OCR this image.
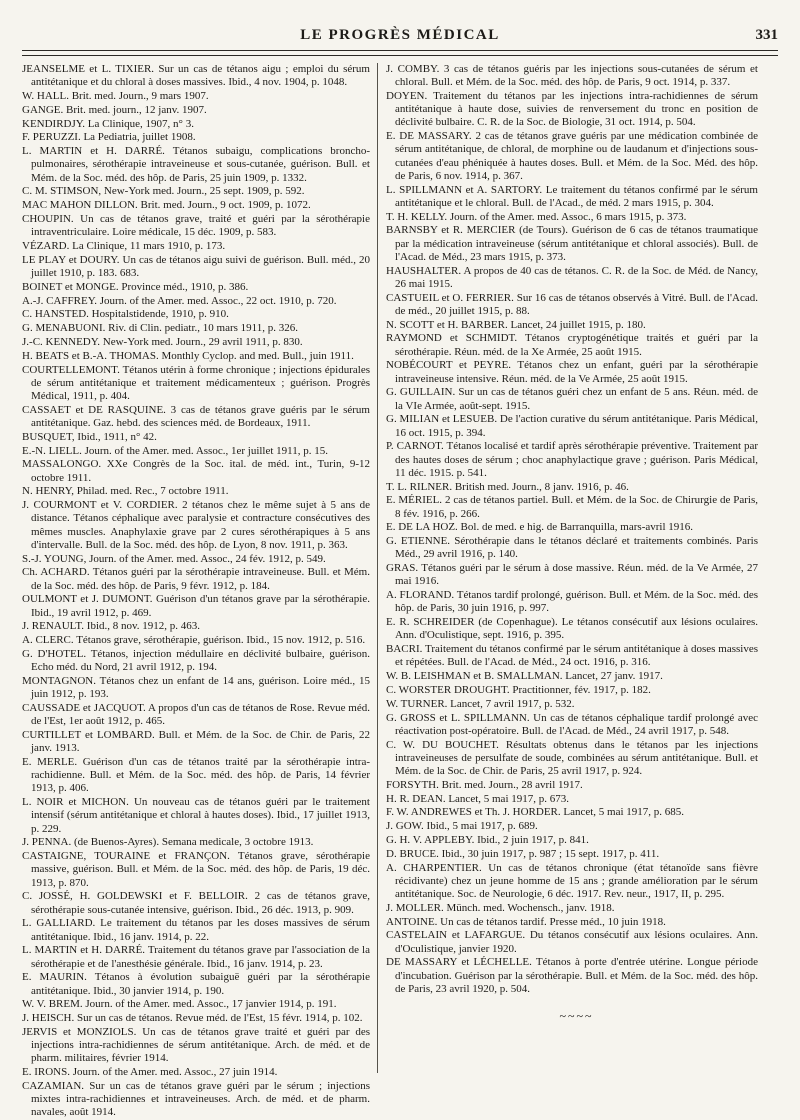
LE PROGRÈS MÉDICAL	331

JEANSELME et L. TIXIER. Sur un cas de tétanos aigu ; emploi du sérum antitétanique et du chloral à doses massives. Ibid., 4 nov. 1904, p. 1048.

W. HALL. Brit. med. Journ., 9 mars 1907.

GANGE. Brit. med. journ., 12 janv. 1907.

KENDIRDJY. La Clinique, 1907, n° 3.

F. PERUZZI. La Pediatria, juillet 1908.

L. MARTIN et H. DARRÉ. Tétanos subaigu, complications broncho-pulmonaires, sérothérapie intraveineuse et sous-cutanée, guérison. Bull. et Mém. de la Soc. méd. des hôp. de Paris, 25 juin 1909, p. 1332.

C. M. STIMSON, New-York med. Journ., 25 sept. 1909, p. 592.

MAC MAHON DILLON. Brit. med. Journ., 9 oct. 1909, p. 1072.

CHOUPIN. Un cas de tétanos grave, traité et guéri par la sérothérapie intraventriculaire. Loire médicale, 15 déc. 1909, p. 583.

VÉZARD. La Clinique, 11 mars 1910, p. 173.

LE PLAY et DOURY. Un cas de tétanos aigu suivi de guérison. Bull. méd., 20 juillet 1910, p. 183. 683.

BOINET et MONGE. Province méd., 1910, p. 386.

A.-J. CAFFREY. Journ. of the Amer. med. Assoc., 22 oct. 1910, p. 720.

C. HANSTED. Hospitalstidende, 1910, p. 910.

G. MENABUONI. Riv. di Clin. pediatr., 10 mars 1911, p. 326.

J.-C. KENNEDY. New-York med. Journ., 29 avril 1911, p. 830.

H. BEATS et B.-A. THOMAS. Monthly Cyclop. and med. Bull., juin 1911.

COURTELLEMONT. Tétanos utérin à forme chronique ; injections épidurales de sérum antitétanique et traitement médicamenteux ; guérison. Progrès Médical, 1911, p. 404.

CASSAET et DE RASQUINE. 3 cas de tétanos grave guéris par le sérum antitétanique. Gaz. hebd. des sciences méd. de Bordeaux, 1911.

BUSQUET, Ibid., 1911, n° 42.

E.-N. LIELL. Journ. of the Amer. med. Assoc., 1er juillet 1911, p. 15.

MASSALONGO. XXe Congrès de la Soc. ital. de méd. int., Turin, 9-12 octobre 1911.

N. HENRY, Philad. med. Rec., 7 octobre 1911.

J. COURMONT et V. CORDIER. 2 tétanos chez le même sujet à 5 ans de distance. Tétanos céphalique avec paralysie et contracture consécutives des mêmes muscles. Anaphylaxie grave par 2 cures sérothérapiques à 5 ans d'intervalle. Bull. de la Soc. méd. des hôp. de Lyon, 8 nov. 1911, p. 363.

S.-J. YOUNG, Journ. of the Amer. med. Assoc., 24 fév. 1912, p. 549.

Ch. ACHARD. Tétanos guéri par la sérothérapie intraveineuse. Bull. et Mém. de la Soc. méd. des hôp. de Paris, 9 févr. 1912, p. 184.

OULMONT et J. DUMONT. Guérison d'un tétanos grave par la sérothérapie. Ibid., 19 avril 1912, p. 469.

J. RENAULT. Ibid., 8 nov. 1912, p. 463.

A. CLERC. Tétanos grave, sérothérapie, guérison. Ibid., 15 nov. 1912, p. 516.

G. D'HOTEL. Tétanos, injection médullaire en déclivité bulbaire, guérison. Echo méd. du Nord, 21 avril 1912, p. 194.

MONTAGNON. Tétanos chez un enfant de 14 ans, guérison. Loire méd., 15 juin 1912, p. 193.

CAUSSADE et JACQUOT. A propos d'un cas de tétanos de Rose. Revue méd. de l'Est, 1er août 1912, p. 465.

CURTILLET et LOMBARD. Bull. et Mém. de la Soc. de Chir. de Paris, 22 janv. 1913.

E. MERLE. Guérison d'un cas de tétanos traité par la sérothérapie intra-rachidienne. Bull. et Mém. de la Soc. méd. des hôp. de Paris, 14 février 1913, p. 406.

L. NOIR et MICHON. Un nouveau cas de tétanos guéri par le traitement intensif (sérum antitétanique et chloral à hautes doses). Ibid., 17 juillet 1913, p. 229.

J. PENNA. (de Buenos-Ayres). Semana medicale, 3 octobre 1913.

CASTAIGNE, TOURAINE et FRANÇON. Tétanos grave, sérothérapie massive, guérison. Bull. et Mém. de la Soc. méd. des hôp. de Paris, 19 déc. 1913, p. 870.

C. JOSSÉ, H. GOLDEWSKI et F. BELLOIR. 2 cas de tétanos grave, sérothérapie sous-cutanée intensive, guérison. Ibid., 26 déc. 1913, p. 909.

L. GALLIARD. Le traitement du tétanos par les doses massives de sérum antitétanique. Ibid., 16 janv. 1914, p. 22.

L. MARTIN et H. DARRÉ. Traitement du tétanos grave par l'association de la sérothérapie et de l'anesthésie générale. Ibid., 16 janv. 1914, p. 23.

E. MAURIN. Tétanos à évolution subaiguë guéri par la sérothérapie antitétanique. Ibid., 30 janvier 1914, p. 190.

W. V. BREM. Journ. of the Amer. med. Assoc., 17 janvier 1914, p. 191.

J. HEISCH. Sur un cas de tétanos. Revue méd. de l'Est, 15 févr. 1914, p. 102.

JERVIS et MONZIOLS. Un cas de tétanos grave traité et guéri par des injections intra-rachidiennes de sérum antitétanique. Arch. de méd. et de pharm. militaires, février 1914.

E. IRONS. Journ. of the Amer. med. Assoc., 27 juin 1914.

CAZAMIAN. Sur un cas de tétanos grave guéri par le sérum ; injections mixtes intra-rachidiennes et intraveineuses. Arch. de méd. et de pharm. navales, août 1914.

J. COMBY. 3 cas de tétanos guéris par les injections sous-cutanées de sérum et chloral. Bull. et Mém. de la Soc. méd. des hôp. de Paris, 9 oct. 1914, p. 337.

DOYEN. Traitement du tétanos par les injections intra-rachidiennes de sérum antitétanique à haute dose, suivies de renversement du tronc en position de déclivité bulbaire. C. R. de la Soc. de Biologie, 31 oct. 1914, p. 504.

E. DE MASSARY. 2 cas de tétanos grave guéris par une médication combinée de sérum antitétanique, de chloral, de morphine ou de laudanum et d'injections sous-cutanées d'eau phéniquée à hautes doses. Bull. et Mém. de la Soc. Méd. des hôp. de Paris, 6 nov. 1914, p. 367.

L. SPILLMANN et A. SARTORY. Le traitement du tétanos confirmé par le sérum antitétanique et le chloral. Bull. de l'Acad., de méd. 2 mars 1915, p. 304.

T. H. KELLY. Journ. of the Amer. med. Assoc., 6 mars 1915, p. 373.

BARNSBY et R. MERCIER (de Tours). Guérison de 6 cas de tétanos traumatique par la médication intraveineuse (sérum antitétanique et chloral associés). Bull. de l'Acad. de Méd., 23 mars 1915, p. 373.

HAUSHALTER. A propos de 40 cas de tétanos. C. R. de la Soc. de Méd. de Nancy, 26 mai 1915.

CASTUEIL et O. FERRIER. Sur 16 cas de tétanos observés à Vitré. Bull. de l'Acad. de méd., 20 juillet 1915, p. 88.

N. SCOTT et H. BARBER. Lancet, 24 juillet 1915, p. 180.

RAYMOND et SCHMIDT. Tétanos cryptogénétique traités et guéri par la sérothérapie. Réun. méd. de la Xe Armée, 25 août 1915.

NOBÉCOURT et PEYRE. Tétanos chez un enfant, guéri par la sérothérapie intraveineuse intensive. Réun. méd. de la Ve Armée, 25 août 1915.

G. GUILLAIN. Sur un cas de tétanos guéri chez un enfant de 5 ans. Réun. méd. de la VIe Armée, août-sept. 1915.

G. MILIAN et LESUEB. De l'action curative du sérum antitétanique. Paris Médical, 16 oct. 1915, p. 394.

P. CARNOT. Tétanos localisé et tardif après sérothérapie préventive. Traitement par des hautes doses de sérum ; choc anaphylactique grave ; guérison. Paris Médical, 11 déc. 1915. p. 541.

T. L. RILNER. British med. Journ., 8 janv. 1916, p. 46.

E. MÉRIEL. 2 cas de tétanos partiel. Bull. et Mém. de la Soc. de Chirurgie de Paris, 8 fév. 1916, p. 266.

E. DE LA HOZ. Bol. de med. e hig. de Barranquilla, mars-avril 1916.

G. ETIENNE. Sérothérapie dans le tétanos déclaré et traitements combinés. Paris Méd., 29 avril 1916, p. 140.

GRAS. Tétanos guéri par le sérum à dose massive. Réun. méd. de la Ve Armée, 27 mai 1916.

A. FLORAND. Tétanos tardif prolongé, guérison. Bull. et Mém. de la Soc. méd. des hôp. de Paris, 30 juin 1916, p. 997.

E. R. SCHREIDER (de Copenhague). Le tétanos consécutif aux lésions oculaires. Ann. d'Oculistique, sept. 1916, p. 395.

BACRI. Traitement du tétanos confirmé par le sérum antitétanique à doses massives et répétées. Bull. de l'Acad. de Méd., 24 oct. 1916, p. 316.

W. B. LEISHMAN et B. SMALLMAN. Lancet, 27 janv. 1917.

C. WORSTER DROUGHT. Practitionner, fév. 1917, p. 182.

W. TURNER. Lancet, 7 avril 1917, p. 532.

G. GROSS et L. SPILLMANN. Un cas de tétanos céphalique tardif prolongé avec réactivation post-opératoire. Bull. de l'Acad. de Méd., 24 avril 1917, p. 548.

C. W. DU BOUCHET. Résultats obtenus dans le tétanos par les injections intraveineuses de persulfate de soude, combinées au sérum antitétanique. Bull. et Mém. de la Soc. de Chir. de Paris, 25 avril 1917, p. 924.

FORSYTH. Brit. med. Journ., 28 avril 1917.

H. R. DEAN. Lancet, 5 mai 1917, p. 673.

F. W. ANDREWES et Th. J. HORDER. Lancet, 5 mai 1917, p. 685.

J. GOW. Ibid., 5 mai 1917, p. 689.

G. H. V. APPLEBY. Ibid., 2 juin 1917, p. 841.

D. BRUCE. Ibid., 30 juin 1917, p. 987 ; 15 sept. 1917, p. 411.

A. CHARPENTIER. Un cas de tétanos chronique (état tétanoïde sans fièvre récidivante) chez un jeune homme de 15 ans ; grande amélioration par le sérum antitétanique. Soc. de Neurologie, 6 déc. 1917. Rev. neur., 1917, II, p. 295.

J. MOLLER. Münch. med. Wochensch., janv. 1918.

ANTOINE. Un cas de tétanos tardif. Presse méd., 10 juin 1918.

CASTELAIN et LAFARGUE. Du tétanos consécutif aux lésions oculaires. Ann. d'Oculistique, janvier 1920.

DE MASSARY et LÉCHELLE. Tétanos à porte d'entrée utérine. Longue période d'incubation. Guérison par la sérothérapie. Bull. et Mém. de la Soc. méd. des hôp. de Paris, 23 avril 1920, p. 504.

~~~~
